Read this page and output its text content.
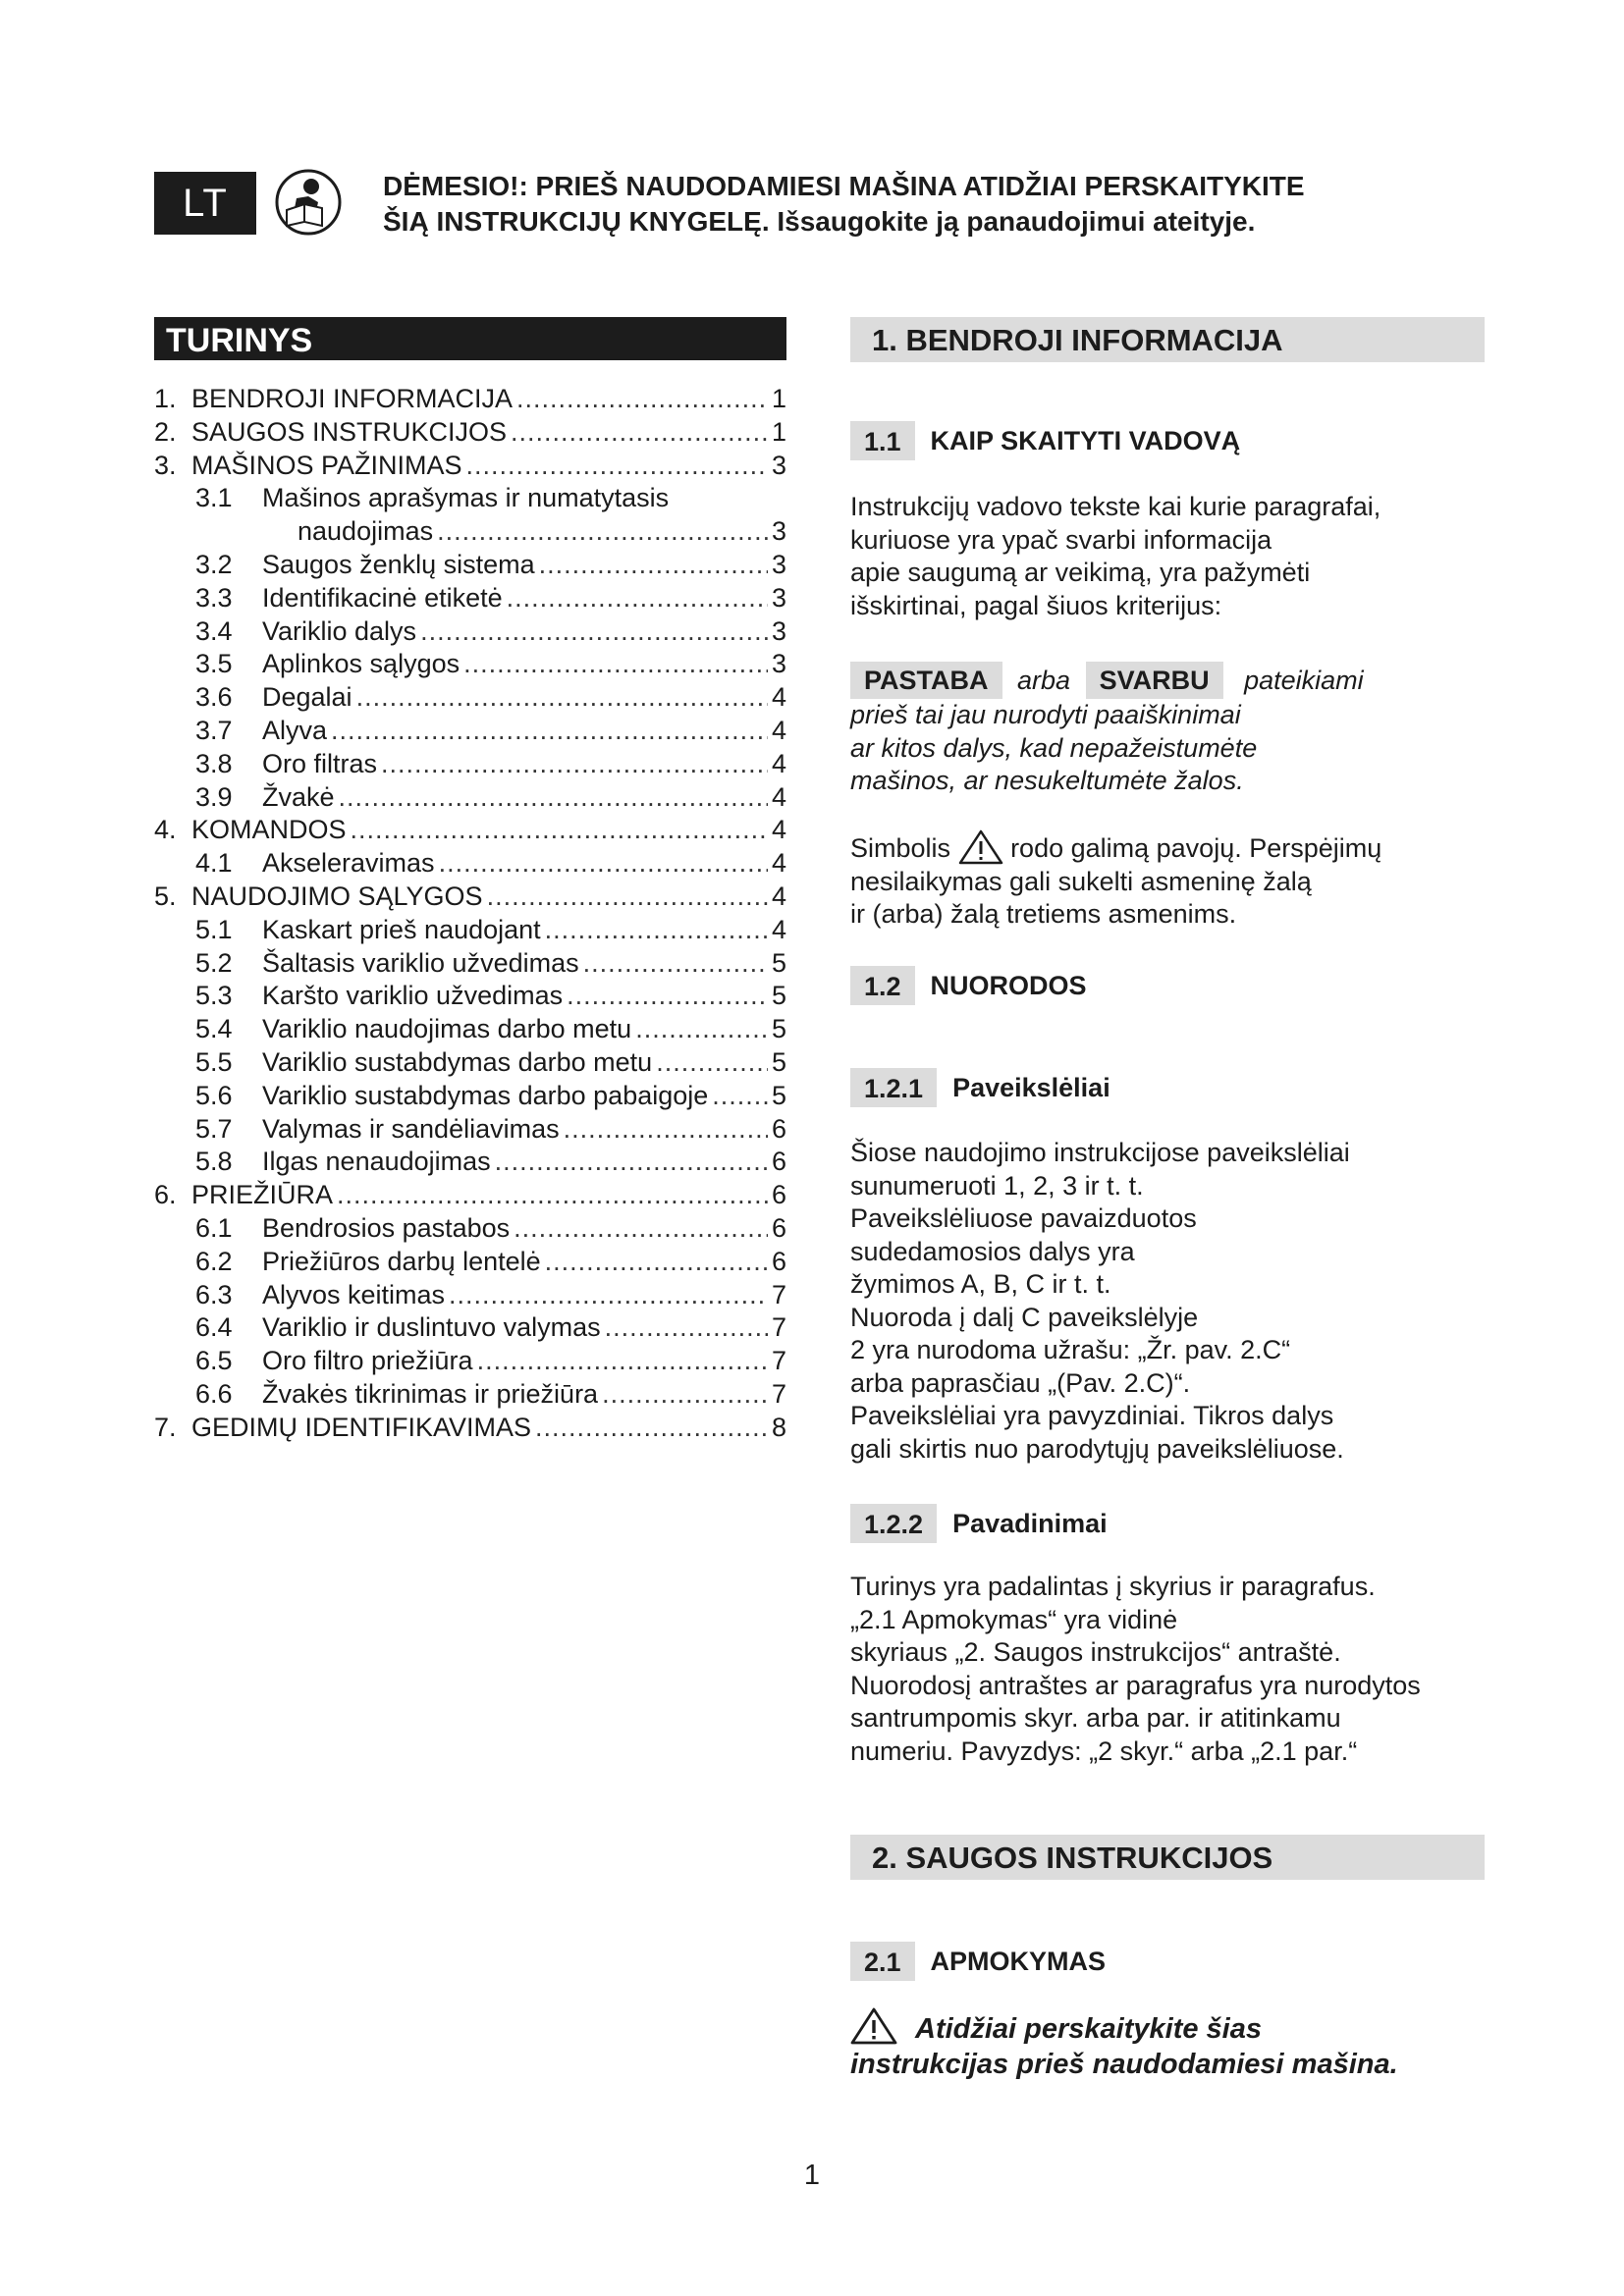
LT	DĖMESIO!: PRIEŠ NAUDODAMIESI MAŠINA ATIDŽIAI PERSKAITYKITE
ŠIĄ INSTRUKCIJŲ KNYGELĘ. Išsaugokite ją panaudojimui ateityje.
TURINYS
1. BENDROJI INFORMACIJA .....	1
2. SAUGOS INSTRUKCIJOS .....	1
3. MAŠINOS PAŽINIMAS .....	3
3.1	Mašinos aprašymas ir numatytasis
naudojimas .....	3
3.2	Saugos ženklų sistema .....	3
3.3	Identifikacinė etiketė .....	3
3.4	Variklio dalys .....	3
3.5	Aplinkos sąlygos .....	3
3.6	Degalai .....	4
3.7	Alyva .....	4
3.8	Oro filtras .....	4
3.9	Žvakė .....	4
4. KOMANDOS .....	4
4.1	Akseleravimas .....	4
5. NAUDOJIMO SĄLYGOS .....	4
5.1	Kaskart prieš naudojant .....	4
5.2	Šaltasis variklio užvedimas .....	5
5.3	Karšto variklio užvedimas .....	5
5.4	Variklio naudojimas darbo metu .....	5
5.5	Variklio sustabdymas darbo metu .....	5
5.6	Variklio sustabdymas darbo pabaigoje ..... 5
5.7	Valymas ir sandėliavimas .....	6
5.8	Ilgas nenaudojimas .....	6
6. PRIEŽIŪRA .....	6
6.1	Bendrosios pastabos .....	6
6.2	Priežiūros darbų lentelė .....	6
6.3	Alyvos keitimas .....	7
6.4	Variklio ir duslintuvo valymas .....	7
6.5	Oro filtro priežiūra .....	7
6.6	Žvakės tikrinimas ir priežiūra .....	7
7. GEDIMŲ IDENTIFIKAVIMAS .....	8
1. BENDROJI INFORMACIJA
1.1	KAIP SKAITYTI VADOVĄ
Instrukcijų vadovo tekste kai kurie paragrafai,
kuriuose yra ypač svarbi informacija
apie saugumą ar veikimą, yra pažymėti
išskirtinai, pagal šiuos kriterijus:
PASTABA arba SVARBU pateikiami
prieš tai jau nurodyti paaiškinimai
ar kitos dalys, kad nepažeistumėte
mašinos, ar nesukeltumėte žalos.
Simbolis rodo galimą pavojų. Perspėjimų
nesilaikymas gali sukelti asmeninę žalą
ir (arba) žalą tretiems asmenims.
1.2	NUORODOS
1.2.1	Paveikslėliai
Šiose naudojimo instrukcijose paveikslėliai
sunumeruoti 1, 2, 3 ir t. t.
Paveikslėliuose pavaizduotos
sudedamosios dalys yra
žymimos A, B, C ir t. t.
Nuoroda į dalį C paveikslėlyje
2 yra nurodoma užrašu: „Žr. pav. 2.C“
arba paprasčiau „(Pav. 2.C)“.
Paveikslėliai yra pavyzdiniai. Tikros dalys
gali skirtis nuo parodytųjų paveikslėliuose.
1.2.2	Pavadinimai
Turinys yra padalintas į skyrius ir paragrafus.
„2.1 Apmokymas“ yra vidinė
skyriaus „2. Saugos instrukcijos“ antraštė.
Nuorodosį antraštes ar paragrafus yra nurodytos
santrumpomis skyr. arba par. ir atitinkamu
numeriu. Pavyzdys: „2 skyr.“ arba „2.1 par.“
2. SAUGOS INSTRUKCIJOS
2.1	APMOKYMAS
Atidžiai perskaitykite šias
instrukcijas prieš naudodamiesi mašina.
1
